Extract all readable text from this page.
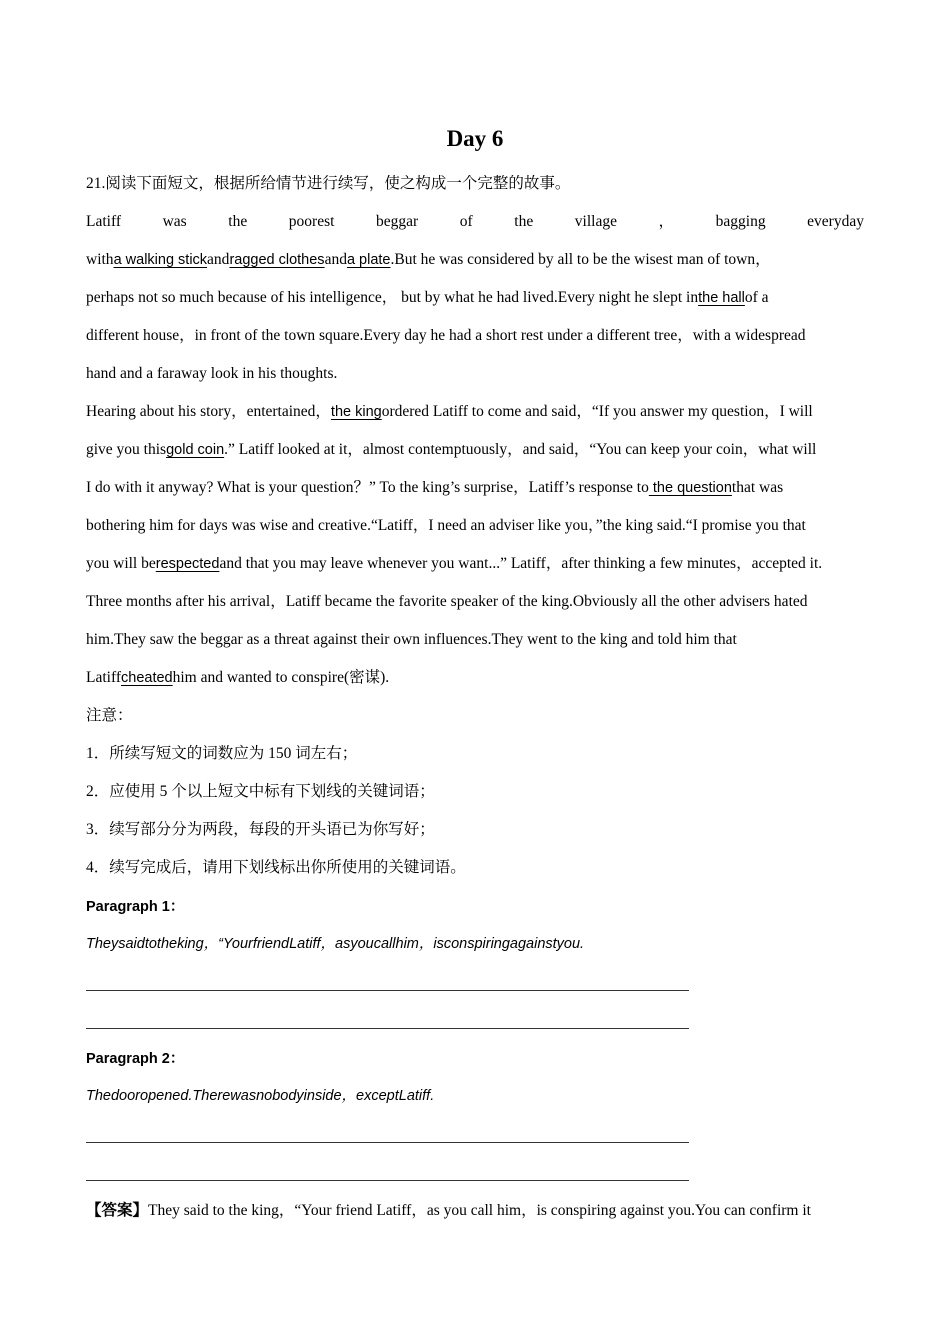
Day 6
21.阅读下面短文，根据所给情节进行续写，使之构成一个完整的故事。
Latiff	was	the	poorest	beggar	of	the	village	，	bagging	everyday
witha walking stickandragged clothesanda plate.But he was considered by all to be the wisest man of town，
perhaps not so much because of his intelligence， but by what he had lived.Every night he slept inthe hallof a
different house，in front of the town square.Every day he had a short rest under a different tree，with a widespread
hand and a faraway look in his thoughts.
Hearing about his story，entertained，the kingordered Latiff to come and said，“If you answer my question，I will
give you thisgold coin.” Latiff looked at it，almost contemptuously，and said，“You can keep your coin，what will
I do with it anyway? What is your question？” To the king’s surprise，Latiff’s response to the questionthat was
bothering him for days was wise and creative.“Latiff，I need an adviser like you，”the king said.“I promise you that
you will berespectedand that you may leave whenever you want...” Latiff，after thinking a few minutes，accepted it.
Three months after his arrival，Latiff became the favorite speaker of the king.Obviously all the other advisers hated
him.They saw the beggar as a threat against their own influences.They went to the king and told him that
Latiffcheatedhim and wanted to conspire(密谋).
注意：
1．所续写短文的词数应为 150 词左右；
2．应使用 5 个以上短文中标有下划线的关键词语；
3．续写部分分为两段，每段的开头语已为你写好；
4．续写完成后，请用下划线标出你所使用的关键词语。
Paragraph 1：
Theysaidtotheking，“YourfriendLatiff，asyoucallhim，isconspiringagainstyou.
Paragraph 2：
Thedooropened.Therewasnobodyinside，exceptLatiff.
【答案】They said to the king，“Your friend Latiff，as you call him，is conspiring against you.You can confirm it
